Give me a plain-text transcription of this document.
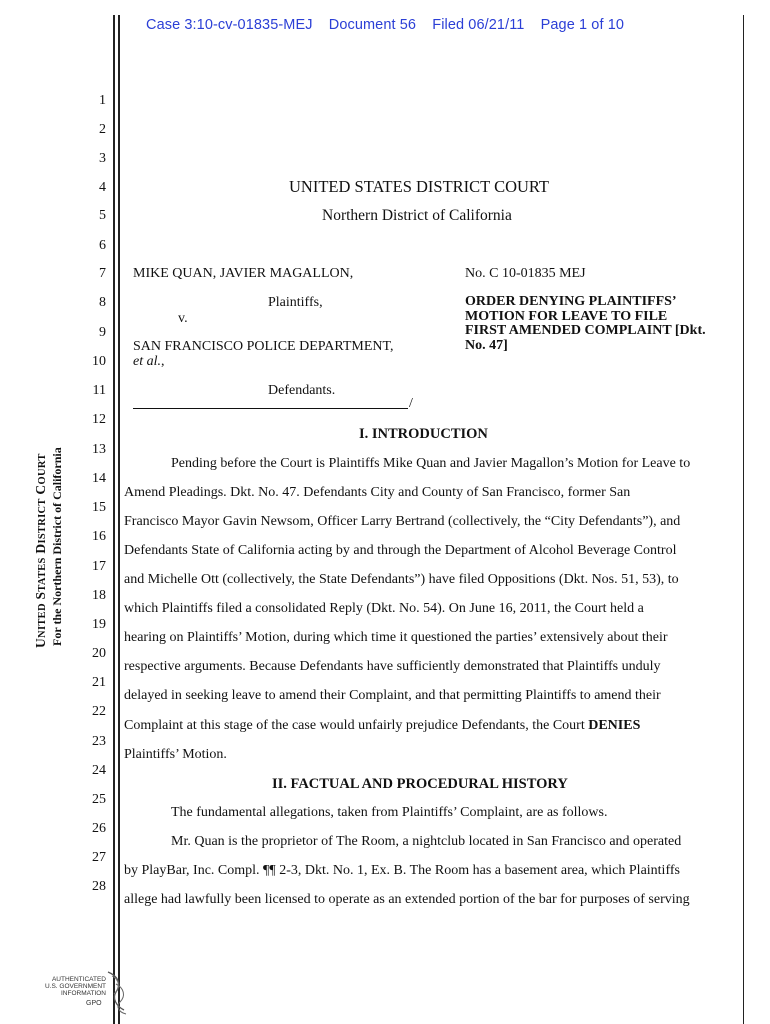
Case 3:10-cv-01835-MEJ Document 56 Filed 06/21/11 Page 1 of 10
UNITED STATES DISTRICT COURT For the Northern District of California
1
2
3
4
5
6
7
8
9
10
11
12
13
14
15
16
17
18
19
20
21
22
23
24
25
26
27
28
UNITED STATES DISTRICT COURT
Northern District of California
MIKE QUAN, JAVIER MAGALLON,
Plaintiffs,
v.
SAN FRANCISCO POLICE DEPARTMENT,
et al.,
Defendants.
/
No. C 10-01835 MEJ
ORDER DENYING PLAINTIFFS’
MOTION FOR LEAVE TO FILE
FIRST AMENDED COMPLAINT [Dkt.
No. 47]
I. INTRODUCTION
II. FACTUAL AND PROCEDURAL HISTORY
Pending before the Court is Plaintiffs Mike Quan and Javier Magallon’s Motion for Leave to
Amend Pleadings. Dkt. No. 47. Defendants City and County of San Francisco, former San
Francisco Mayor Gavin Newsom, Officer Larry Bertrand (collectively, the “City Defendants”), and
Defendants State of California acting by and through the Department of Alcohol Beverage Control
and Michelle Ott (collectively, the State Defendants”) have filed Oppositions (Dkt. Nos. 51, 53), to
which Plaintiffs filed a consolidated Reply (Dkt. No. 54). On June 16, 2011, the Court held a
hearing on Plaintiffs’ Motion, during which time it questioned the parties’ extensively about their
respective arguments. Because Defendants have sufficiently demonstrated that Plaintiffs unduly
delayed in seeking leave to amend their Complaint, and that permitting Plaintiffs to amend their
Complaint at this stage of the case would unfairly prejudice Defendants, the Court DENIES
Plaintiffs’ Motion.
The fundamental allegations, taken from Plaintiffs’ Complaint, are as follows.
Mr. Quan is the proprietor of The Room, a nightclub located in San Francisco and operated
by PlayBar, Inc. Compl. ¶¶ 2-3, Dkt. No. 1, Ex. B. The Room has a basement area, which Plaintiffs
allege had lawfully been licensed to operate as an extended portion of the bar for purposes of serving
AUTHENTICATED
U.S. GOVERNMENT
INFORMATION
GPO
